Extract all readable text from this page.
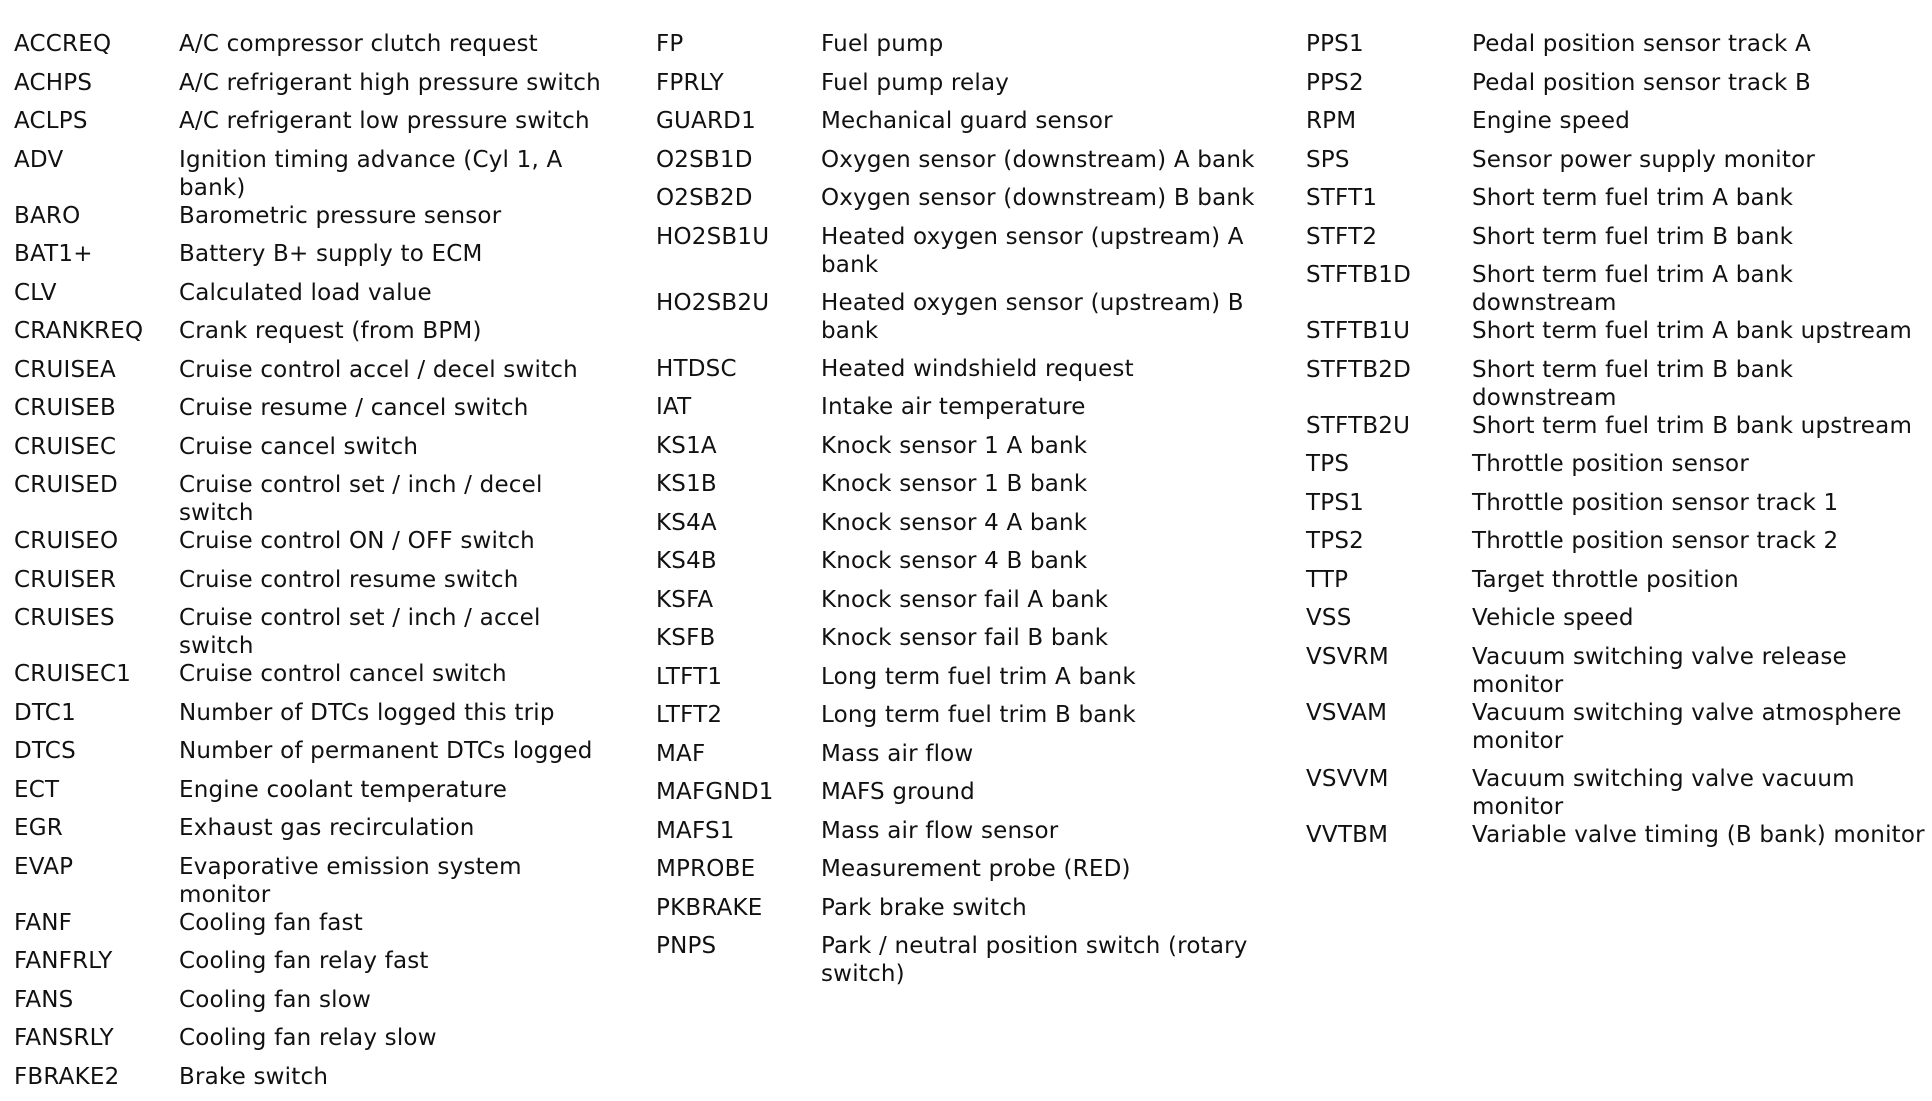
ACCREQ	A/C compressor clutch request
ACHPS	A/C refrigerant high pressure switch
ACLPS	A/C refrigerant low pressure switch
ADV	Ignition timing advance (Cyl 1, A bank)
BARO	Barometric pressure sensor
BAT1+	Battery B+ supply to ECM
CLV	Calculated load value
CRANKREQ	Crank request (from BPM)
CRUISEA	Cruise control accel / decel switch
CRUISEB	Cruise resume / cancel switch
CRUISEC	Cruise cancel switch
CRUISED	Cruise control set / inch / decel switch
CRUISEO	Cruise control ON / OFF switch
CRUISER	Cruise control resume switch
CRUISES	Cruise control set / inch / accel switch
CRUISEC1	Cruise control cancel switch
DTC1	Number of DTCs logged this trip
DTCS	Number of permanent DTCs logged
ECT	Engine coolant temperature
EGR	Exhaust gas recirculation
EVAP	Evaporative emission system monitor
FANF	Cooling fan fast
FANFRLY	Cooling fan relay fast
FANS	Cooling fan slow
FANSRLY	Cooling fan relay slow
FBRAKE2	Brake switch
FP	Fuel pump
FPRLY	Fuel pump relay
GUARD1	Mechanical guard sensor
O2SB1D	Oxygen sensor (downstream) A bank
O2SB2D	Oxygen sensor (downstream) B bank
HO2SB1U	Heated oxygen sensor (upstream) A bank
HO2SB2U	Heated oxygen sensor (upstream) B bank
HTDSC	Heated windshield request
IAT	Intake air temperature
KS1A	Knock sensor 1 A bank
KS1B	Knock sensor 1 B bank
KS4A	Knock sensor 4 A bank
KS4B	Knock sensor 4 B bank
KSFA	Knock sensor fail A bank
KSFB	Knock sensor fail B bank
LTFT1	Long term fuel trim A bank
LTFT2	Long term fuel trim B bank
MAF	Mass air flow
MAFGND1	MAFS ground
MAFS1	Mass air flow sensor
MPROBE	Measurement probe (RED)
PKBRAKE	Park brake switch
PNPS	Park / neutral position switch (rotary switch)
PPS1	Pedal position sensor track A
PPS2	Pedal position sensor track B
RPM	Engine speed
SPS	Sensor power supply monitor
STFT1	Short term fuel trim A bank
STFT2	Short term fuel trim B bank
STFTB1D	Short term fuel trim A bank downstream
STFTB1U	Short term fuel trim A bank upstream
STFTB2D	Short term fuel trim B bank downstream
STFTB2U	Short term fuel trim B bank upstream
TPS	Throttle position sensor
TPS1	Throttle position sensor track 1
TPS2	Throttle position sensor track 2
TTP	Target throttle position
VSS	Vehicle speed
VSVRM	Vacuum switching valve release monitor
VSVAM	Vacuum switching valve atmosphere monitor
VSVVM	Vacuum switching valve vacuum monitor
VVTBM	Variable valve timing (B bank) monitor
